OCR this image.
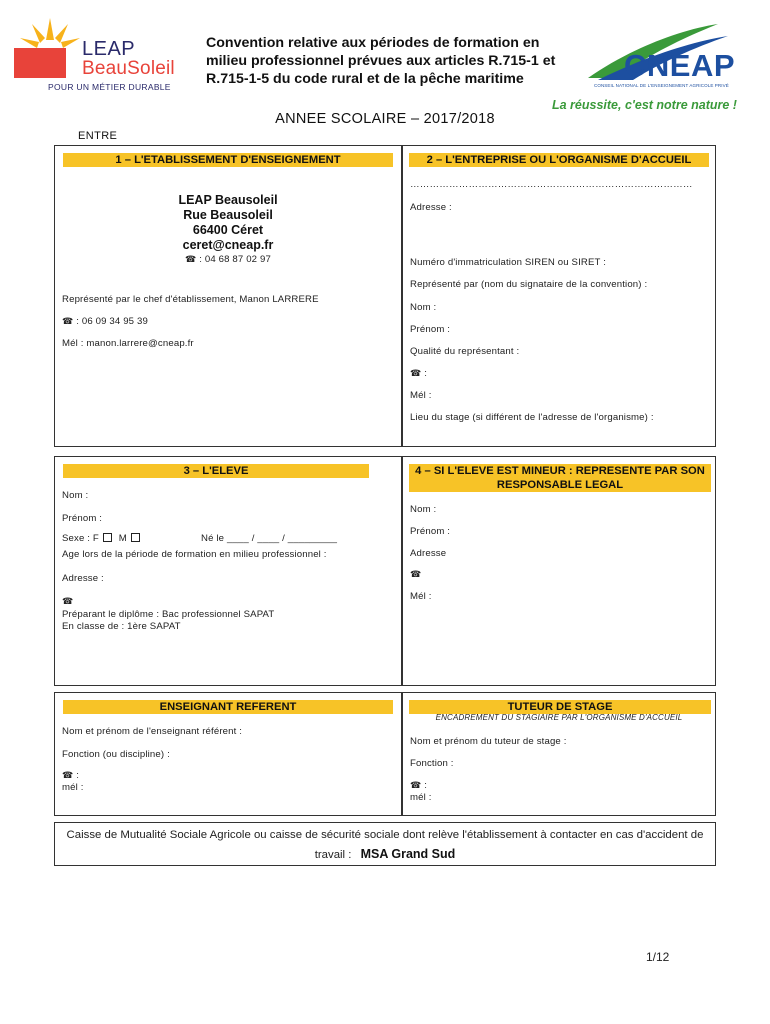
LEAP
BeauSoleil
POUR UN MÉTIER DURABLE
Convention relative aux périodes de formation en milieu professionnel prévues aux articles R.715-1 et R.715-1-5 du code rural et de la pêche maritime	CNEAP
CONSEIL NATIONAL DE L'ENSEIGNEMENT AGRICOLE PRIVÉ
La réussite, c'est notre nature !
ANNEE SCOLAIRE – 2017/2018
ENTRE
1 – L'ETABLISSEMENT D'ENSEIGNEMENT
LEAP Beausoleil
Rue Beausoleil
66400 Céret
ceret@cneap.fr
☎ : 04 68 87 02 97
Représenté par le chef d'établissement, Manon LARRERE
☎ : 06 09 34 95 39
Mél : manon.larrere@cneap.fr
2 – L'ENTREPRISE OU L'ORGANISME D'ACCUEIL
……………………………………………………………………………
Adresse :
Numéro d'immatriculation SIREN ou SIRET :
Représenté par (nom du signataire de la convention) :
Nom :
Prénom :
Qualité du représentant :
☎ :
Mél :
Lieu du stage (si différent de l'adresse de l'organisme) :
3 – L'ELEVE
Nom :
Prénom :
Sexe : F M	Né le ____ / ____ / _________
Age lors de la période de formation en milieu professionnel :
Adresse :
☎
Préparant le diplôme : Bac professionnel SAPAT
En classe de : 1ère SAPAT
4 – SI L'ELEVE EST MINEUR : REPRESENTE PAR SON RESPONSABLE LEGAL
Nom :
Prénom :
Adresse
☎
Mél :
ENSEIGNANT REFERENT
Nom et prénom de l'enseignant référent :
Fonction (ou discipline) :
☎ :
mél :
TUTEUR DE STAGE
ENCADREMENT DU STAGIAIRE PAR L'ORGANISME D'ACCUEIL
Nom et prénom du tuteur de stage :
Fonction :
☎ :
mél :
Caisse de Mutualité Sociale Agricole ou caisse de sécurité sociale dont relève l'établissement à contacter en cas d'accident de travail : MSA Grand Sud
1/12
